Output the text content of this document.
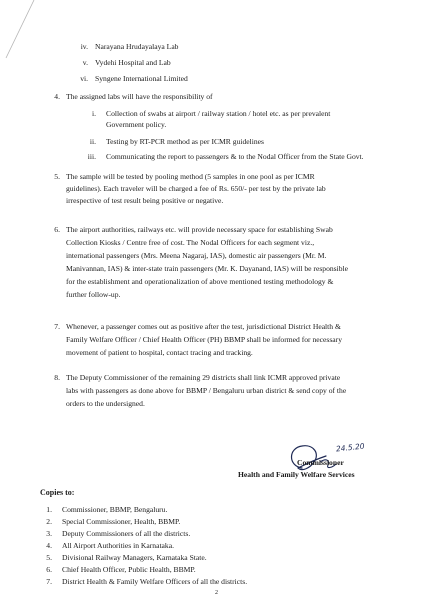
iv. Narayana Hrudayalaya Lab
v. Vydehi Hospital and Lab
vi. Syngene International Limited
4. The assigned labs will have the responsibility of
i. Collection of swabs at airport / railway station / hotel etc. as per prevalent
Government policy.
ii. Testing by RT-PCR method as per ICMR guidelines
iii. Communicating the report to passengers & to the Nodal Officer from the State Govt.
5. The sample will be tested by pooling method (5 samples in one pool as per ICMR
guidelines). Each traveler will be charged a fee of Rs. 650/- per test by the private lab
irrespective of test result being positive or negative.
6. The airport authorities, railways etc. will provide necessary space for establishing Swab
Collection Kiosks / Centre free of cost. The Nodal Officers for each segment viz.,
international passengers (Mrs. Meena Nagaraj, IAS), domestic air passengers (Mr. M.
Manivannan, IAS) & inter-state train passengers (Mr. K. Dayanand, IAS) will be responsible
for the establishment and operationalization of above mentioned testing methodology &
further follow-up.
7. Whenever, a passenger comes out as positive after the test, jurisdictional District Health &
Family Welfare Officer / Chief Health Officer (PH) BBMP shall be informed for necessary
movement of patient to hospital, contact tracing and tracking.
8. The Deputy Commissioner of the remaining 29 districts shall link ICMR approved private
labs with passengers as done above for BBMP / Bengaluru urban district & send copy of the
orders to the undersigned.
24.5.20
Commissioner
Health and Family Welfare Services
Copies to:
1. Commissioner, BBMP, Bengaluru.
2. Special Commissioner, Health, BBMP.
3. Deputy Commissioners of all the districts.
4. All Airport Authorities in Karnataka.
5. Divisional Railway Managers, Karnataka State.
6. Chief Health Officer, Public Health, BBMP.
7. District Health & Family Welfare Officers of all the districts.
2
